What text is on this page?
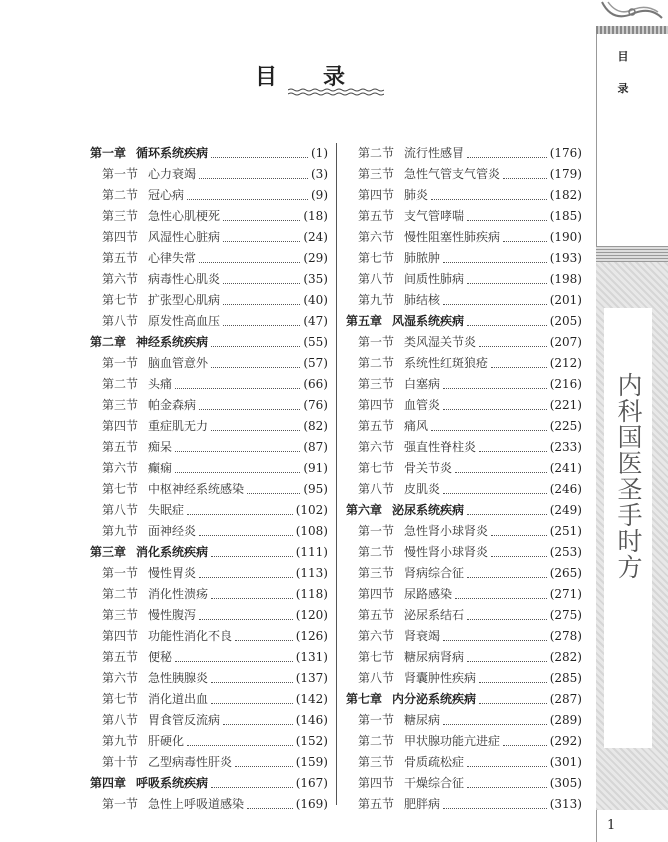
目 录
第一章 循环系统疾病	(1)
第一节 心力衰竭	(3)
第二节 冠心病	(9)
第三节 急性心肌梗死	(18)
第四节 风湿性心脏病	(24)
第五节 心律失常	(29)
第六节 病毒性心肌炎	(35)
第七节 扩张型心肌病	(40)
第八节 原发性高血压	(47)
第二章 神经系统疾病	(55)
第一节 脑血管意外	(57)
第二节 头痛	(66)
第三节 帕金森病	(76)
第四节 重症肌无力	(82)
第五节 痴呆	(87)
第六节 癫痫	(91)
第七节 中枢神经系统感染	(95)
第八节 失眠症	(102)
第九节 面神经炎	(108)
第三章 消化系统疾病	(111)
第一节 慢性胃炎	(113)
第二节 消化性溃疡	(118)
第三节 慢性腹泻	(120)
第四节 功能性消化不良	(126)
第五节 便秘	(131)
第六节 急性胰腺炎	(137)
第七节 消化道出血	(142)
第八节 胃食管反流病	(146)
第九节 肝硬化	(152)
第十节 乙型病毒性肝炎	(159)
第四章 呼吸系统疾病	(167)
第一节 急性上呼吸道感染	(169)
第二节 流行性感冒	(176)
第三节 急性气管支气管炎	(179)
第四节 肺炎	(182)
第五节 支气管哮喘	(185)
第六节 慢性阻塞性肺疾病	(190)
第七节 肺脓肿	(193)
第八节 间质性肺病	(198)
第九节 肺结核	(201)
第五章 风湿系统疾病	(205)
第一节 类风湿关节炎	(207)
第二节 系统性红斑狼疮	(212)
第三节 白塞病	(216)
第四节 血管炎	(221)
第五节 痛风	(225)
第六节 强直性脊柱炎	(233)
第七节 骨关节炎	(241)
第八节 皮肌炎	(246)
第六章 泌尿系统疾病	(249)
第一节 急性肾小球肾炎	(251)
第二节 慢性肾小球肾炎	(253)
第三节 肾病综合征	(265)
第四节 尿路感染	(271)
第五节 泌尿系结石	(275)
第六节 肾衰竭	(278)
第七节 糖尿病肾病	(282)
第八节 肾囊肿性疾病	(285)
第七章 内分泌系统疾病	(287)
第一节 糖尿病	(289)
第二节 甲状腺功能亢进症	(292)
第三节 骨质疏松症	(301)
第四节 干燥综合征	(305)
第五节 肥胖病	(313)
目
录
内科国医圣手时方
1
